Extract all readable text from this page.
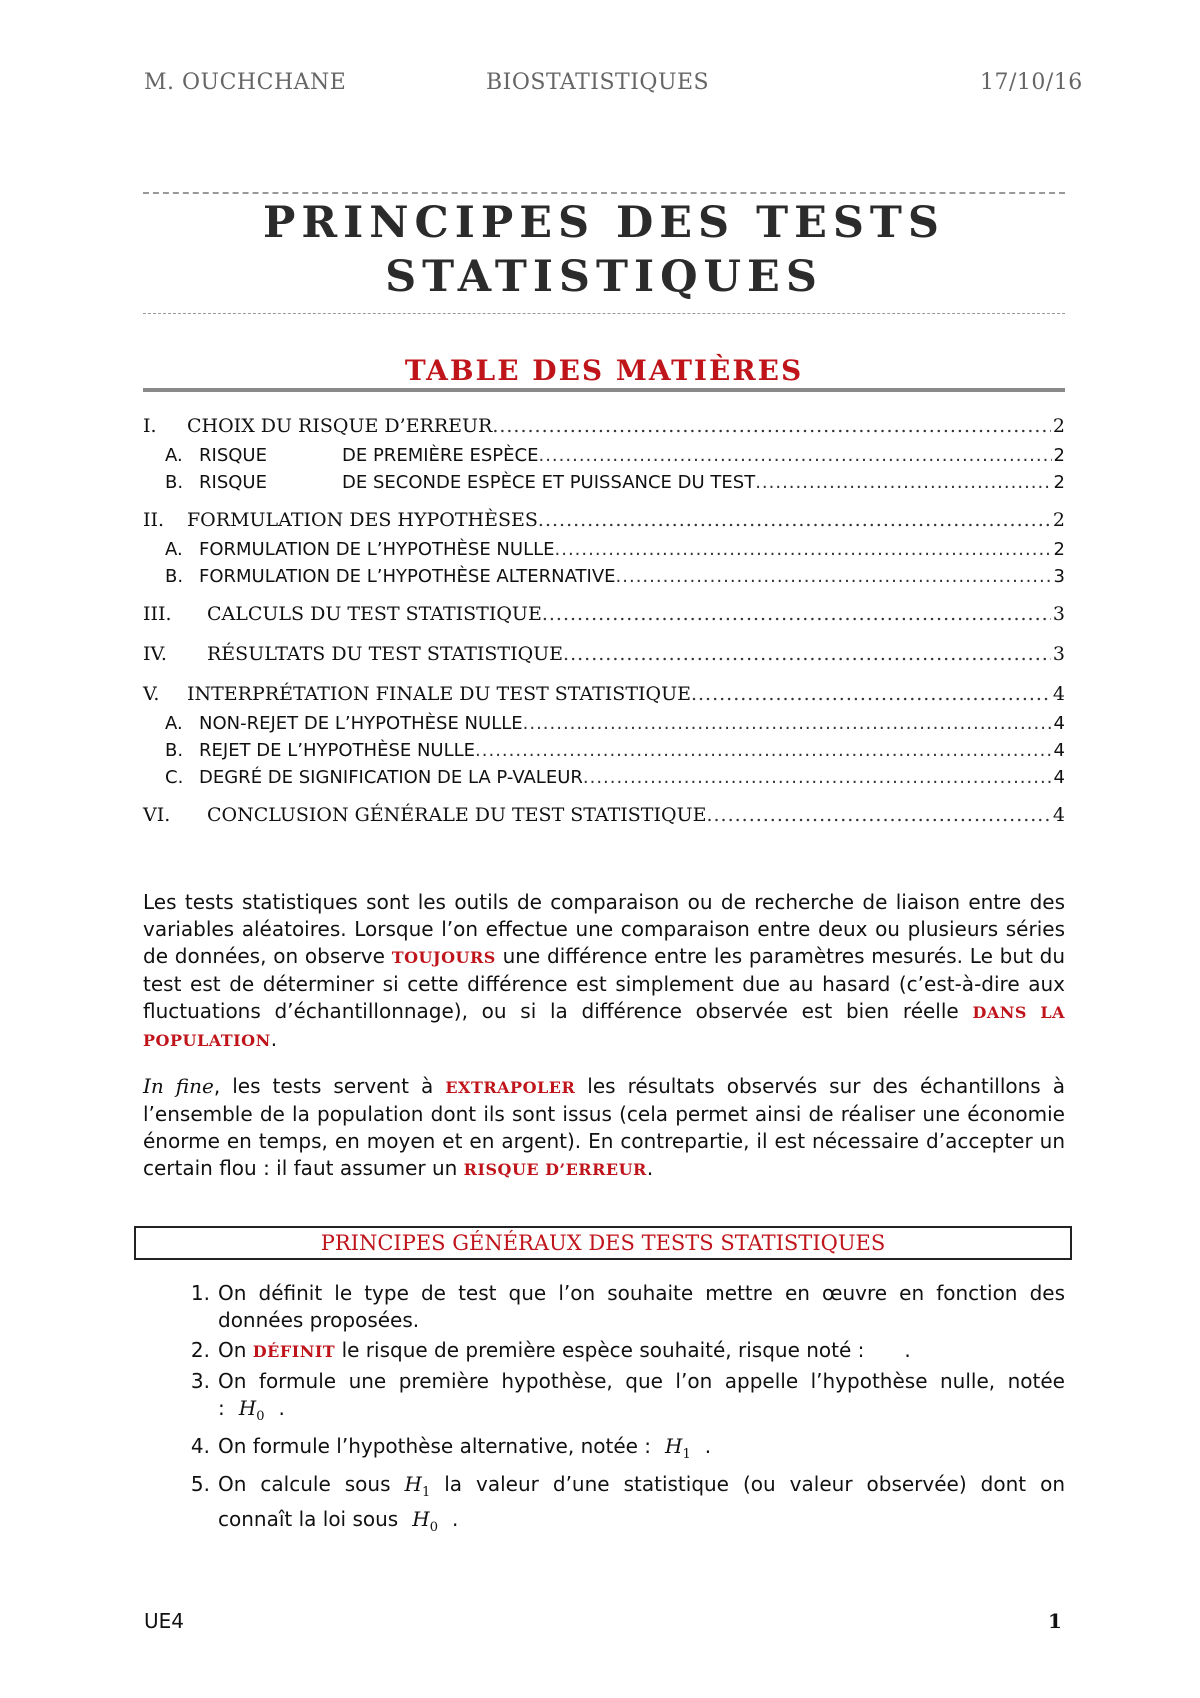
M. OUCHCHANE	BIOSTATISTIQUES	17/10/16
PRINCIPES DES TESTS
STATISTIQUES
TABLE DES MATIÈRES
I.	CHOIX DU RISQUE D’ERREUR .....	2
A. RISQUE	DE PREMIÈRE ESPÈCE .....	2
B. RISQUE	DE SECONDE ESPÈCE ET PUISSANCE DU TEST .....	2
II.	FORMULATION DES HYPOTHÈSES .....	2
A. FORMULATION DE L’HYPOTHÈSE NULLE .....	2
B. FORMULATION DE L’HYPOTHÈSE ALTERNATIVE .....	3
III.	CALCULS DU TEST STATISTIQUE .....	3
IV.	RÉSULTATS DU TEST STATISTIQUE .....	3
V.	INTERPRÉTATION FINALE DU TEST STATISTIQUE .....	4
A. NON-REJET DE L’HYPOTHÈSE NULLE .....	4
B. REJET DE L’HYPOTHÈSE NULLE .....	4
C. DEGRÉ DE SIGNIFICATION DE LA P-VALEUR .....	4
VI.	CONCLUSION GÉNÉRALE DU TEST STATISTIQUE .....	4

Les tests statistiques sont les outils de comparaison ou de recherche de liaison entre des variables aléatoires. Lorsque l’on effectue une comparaison entre deux ou plusieurs séries de données, on observe TOUJOURS une différence entre les paramètres mesurés. Le but du test est de déterminer si cette différence est simplement due au hasard (c’est-à-dire aux fluctuations d’échantillonnage), ou si la différence observée est bien réelle DANS LA POPULATION.

In fine, les tests servent à EXTRAPOLER les résultats observés sur des échantillons à l’ensemble de la population dont ils sont issus (cela permet ainsi de réaliser une économie énorme en temps, en moyen et en argent). En contrepartie, il est nécessaire d’accepter un certain flou : il faut assumer un RISQUE D’ERREUR.

PRINCIPES GÉNÉRAUX DES TESTS STATISTIQUES
1. On définit le type de test que l’on souhaite mettre en œuvre en fonction des données proposées.
2. On DÉFINIT le risque de première espèce souhaité, risque noté : .
3. On formule une première hypothèse, que l’on appelle l’hypothèse nulle, notée : $H_0$ .
4. On formule l’hypothèse alternative, notée : $H_1$ .
5. On calcule sous $H_1$ la valeur d’une statistique (ou valeur observée) dont on connaît la loi sous $H_0$ .
UE4	1
